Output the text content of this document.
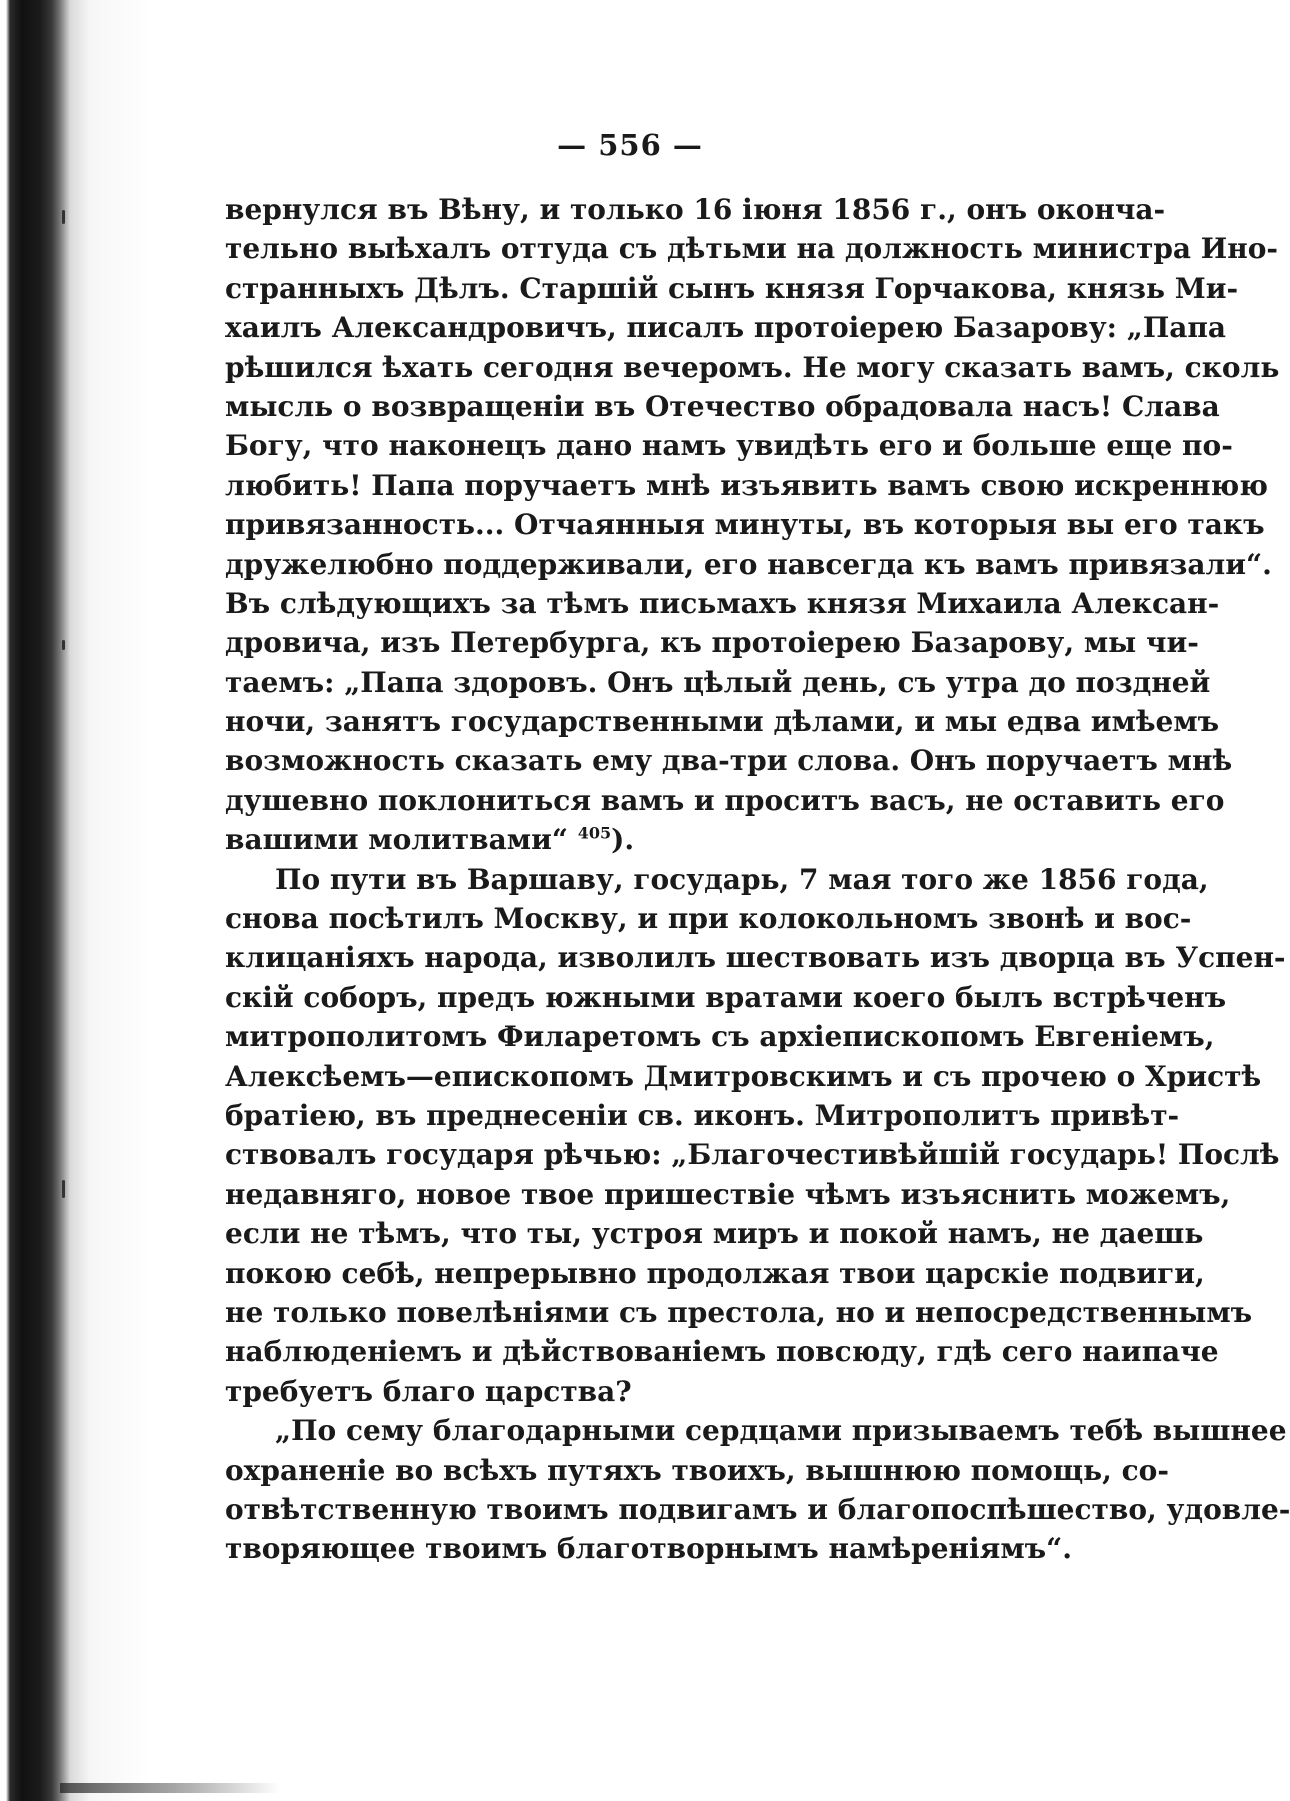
— 556 —
вернулся въ Вѣну, и только 16 іюня 1856 г., онъ оконча-
тельно выѣхалъ оттуда съ дѣтьми на должность министра Ино-
странныхъ Дѣлъ. Старшій сынъ князя Горчакова, князь Ми-
хаилъ Александровичъ, писалъ протоіерею Базарову: „Папа
рѣшился ѣхать сегодня вечеромъ. Не могу сказать вамъ, сколь
мысль о возвращеніи въ Отечество обрадовала насъ! Слава
Богу, что наконецъ дано намъ увидѣть его и больше еще по-
любить! Папа поручаетъ мнѣ изъявить вамъ свою искреннюю
привязанность... Отчаянныя минуты, въ которыя вы его такъ
дружелюбно поддерживали, его навсегда къ вамъ привязали“.
Въ слѣдующихъ за тѣмъ письмахъ князя Михаила Алексан-
дровича, изъ Петербурга, къ протоіерею Базарову, мы чи-
таемъ: „Папа здоровъ. Онъ цѣлый день, съ утра до поздней
ночи, занятъ государственными дѣлами, и мы едва имѣемъ
возможность сказать ему два-три слова. Онъ поручаетъ мнѣ
душевно поклониться вамъ и проситъ васъ, не оставить его
вашими молитвами“ $^{405}$).
По пути въ Варшаву, государь, 7 мая того же 1856 года,
снова посѣтилъ Москву, и при колокольномъ звонѣ и вос-
клицаніяхъ народа, изволилъ шествовать изъ дворца въ Успен-
скій соборъ, предъ южными вратами коего былъ встрѣченъ
митрополитомъ Филаретомъ съ архіепископомъ Евгеніемъ,
Алексѣемъ—епископомъ Дмитровскимъ и съ прочею о Христѣ
братіею, въ преднесеніи св. иконъ. Митрополитъ привѣт-
ствовалъ государя рѣчью: „Благочестивѣйшій государь! Послѣ
недавняго, новое твое пришествіе чѣмъ изъяснить можемъ,
если не тѣмъ, что ты, устроя миръ и покой намъ, не даешь
покою себѣ, непрерывно продолжая твои царскіе подвиги,
не только повелѣніями съ престола, но и непосредственнымъ
наблюденіемъ и дѣйствованіемъ повсюду, гдѣ сего наипаче
требуетъ благо царства?
„По сему благодарными сердцами призываемъ тебѣ вышнее
охраненіе во всѣхъ путяхъ твоихъ, вышнюю помощь, со-
отвѣтственную твоимъ подвигамъ и благопоспѣшество, удовле-
творяющее твоимъ благотворнымъ намѣреніямъ“.
